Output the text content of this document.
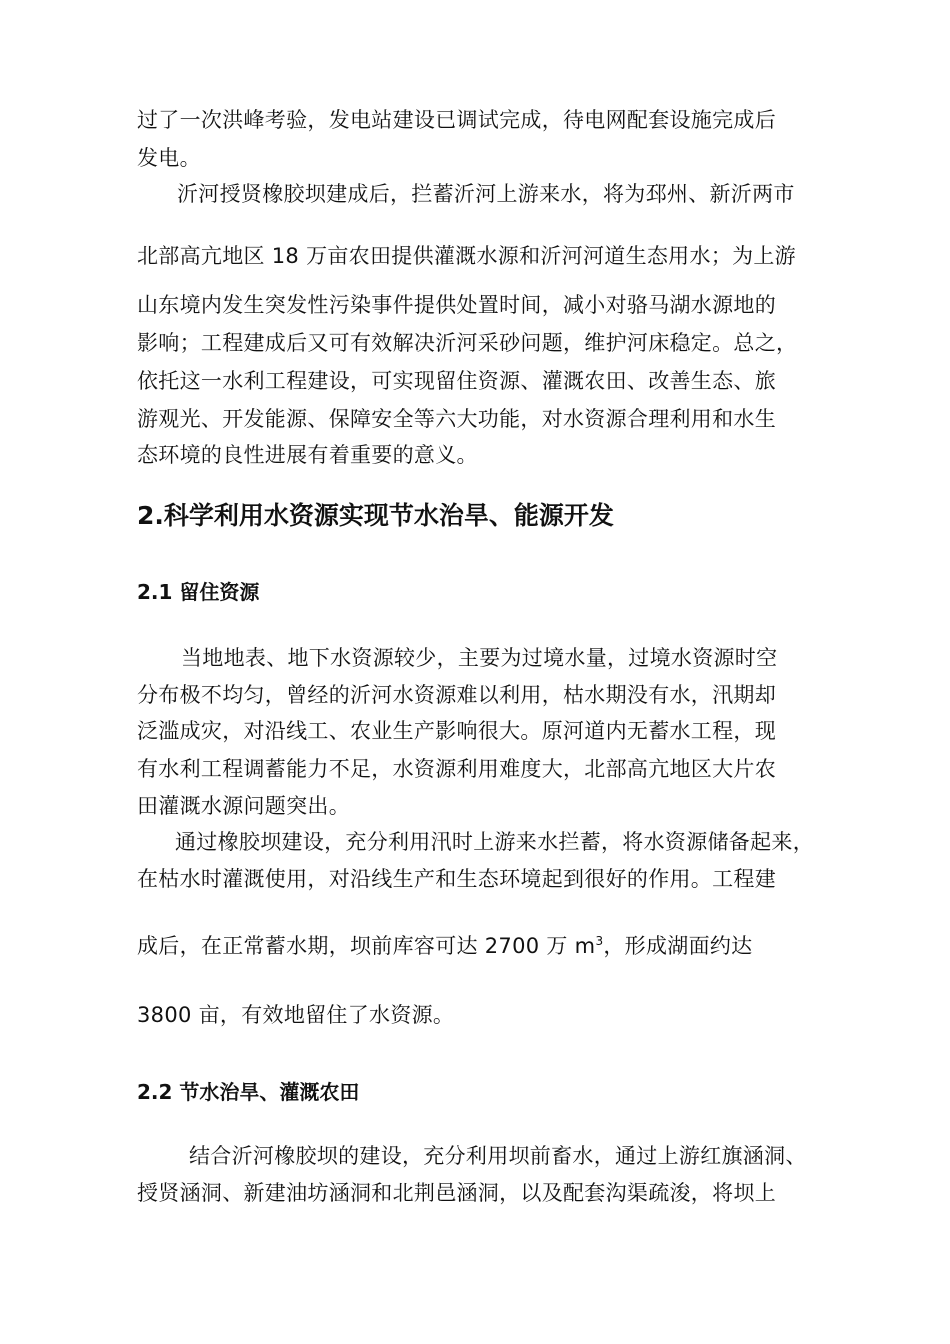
过了一次洪峰考验，发电站建设已调试完成，待电网配套设施完成后
发电。
沂河授贤橡胶坝建成后，拦蓄沂河上游来水，将为邳州、新沂两市
北部高亢地区 18 万亩农田提供灌溉水源和沂河河道生态用水；为上游
山东境内发生突发性污染事件提供处置时间，减小对骆马湖水源地的
影响；工程建成后又可有效解决沂河采砂问题，维护河床稳定。总之，
依托这一水利工程建设，可实现留住资源、灌溉农田、改善生态、旅
游观光、开发能源、保障安全等六大功能，对水资源合理利用和水生
态环境的良性进展有着重要的意义。
2.科学利用水资源实现节水治旱、能源开发
2.1 留住资源
当地地表、地下水资源较少，主要为过境水量，过境水资源时空
分布极不均匀，曾经的沂河水资源难以利用，枯水期没有水，汛期却
泛滥成灾，对沿线工、农业生产影响很大。原河道内无蓄水工程，现
有水利工程调蓄能力不足，水资源利用难度大，北部高亢地区大片农
田灌溉水源问题突出。
通过橡胶坝建设，充分利用汛时上游来水拦蓄，将水资源储备起来，
在枯水时灌溉使用，对沿线生产和生态环境起到很好的作用。工程建
成后，在正常蓄水期，坝前库容可达 2700 万 $m^3$，形成湖面约达
3800 亩，有效地留住了水资源。
2.2 节水治旱、灌溉农田
结合沂河橡胶坝的建设，充分利用坝前畜水，通过上游红旗涵洞、
授贤涵洞、新建油坊涵洞和北荆邑涵洞，以及配套沟渠疏浚，将坝上
